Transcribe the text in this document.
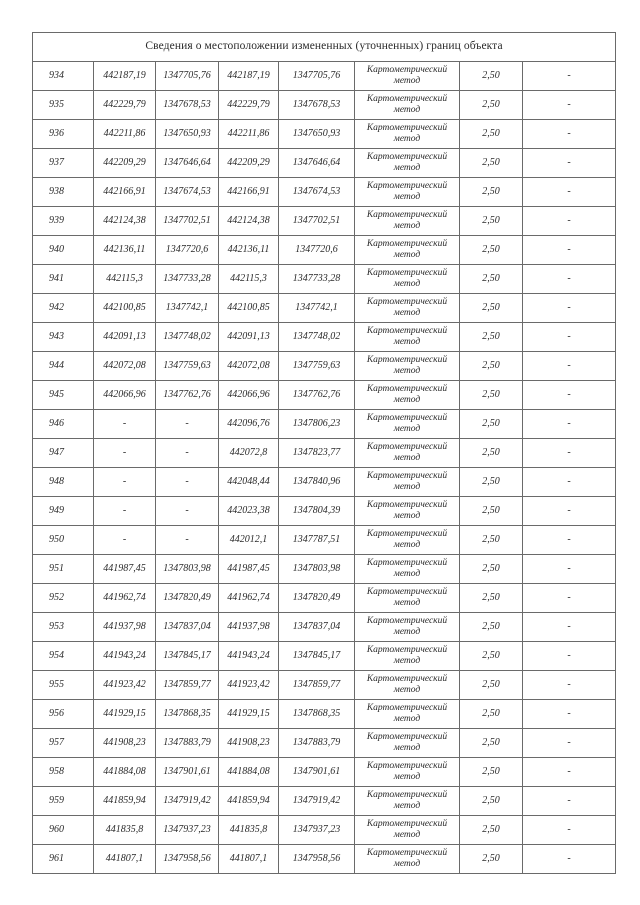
Сведения о местоположении измененных (уточненных) границ объекта							
934	442187,19	1347705,76	442187,19	1347705,76	Картометрический метод	2,50	-
935	442229,79	1347678,53	442229,79	1347678,53	Картометрический метод	2,50	-
936	442211,86	1347650,93	442211,86	1347650,93	Картометрический метод	2,50	-
937	442209,29	1347646,64	442209,29	1347646,64	Картометрический метод	2,50	-
938	442166,91	1347674,53	442166,91	1347674,53	Картометрический метод	2,50	-
939	442124,38	1347702,51	442124,38	1347702,51	Картометрический метод	2,50	-
940	442136,11	1347720,6	442136,11	1347720,6	Картометрический метод	2,50	-
941	442115,3	1347733,28	442115,3	1347733,28	Картометрический метод	2,50	-
942	442100,85	1347742,1	442100,85	1347742,1	Картометрический метод	2,50	-
943	442091,13	1347748,02	442091,13	1347748,02	Картометрический метод	2,50	-
944	442072,08	1347759,63	442072,08	1347759,63	Картометрический метод	2,50	-
945	442066,96	1347762,76	442066,96	1347762,76	Картометрический метод	2,50	-
946	-	-	442096,76	1347806,23	Картометрический метод	2,50	-
947	-	-	442072,8	1347823,77	Картометрический метод	2,50	-
948	-	-	442048,44	1347840,96	Картометрический метод	2,50	-
949	-	-	442023,38	1347804,39	Картометрический метод	2,50	-
950	-	-	442012,1	1347787,51	Картометрический метод	2,50	-
951	441987,45	1347803,98	441987,45	1347803,98	Картометрический метод	2,50	-
952	441962,74	1347820,49	441962,74	1347820,49	Картометрический метод	2,50	-
953	441937,98	1347837,04	441937,98	1347837,04	Картометрический метод	2,50	-
954	441943,24	1347845,17	441943,24	1347845,17	Картометрический метод	2,50	-
955	441923,42	1347859,77	441923,42	1347859,77	Картометрический метод	2,50	-
956	441929,15	1347868,35	441929,15	1347868,35	Картометрический метод	2,50	-
957	441908,23	1347883,79	441908,23	1347883,79	Картометрический метод	2,50	-
958	441884,08	1347901,61	441884,08	1347901,61	Картометрический метод	2,50	-
959	441859,94	1347919,42	441859,94	1347919,42	Картометрический метод	2,50	-
960	441835,8	1347937,23	441835,8	1347937,23	Картометрический метод	2,50	-
961	441807,1	1347958,56	441807,1	1347958,56	Картометрический метод	2,50	-
